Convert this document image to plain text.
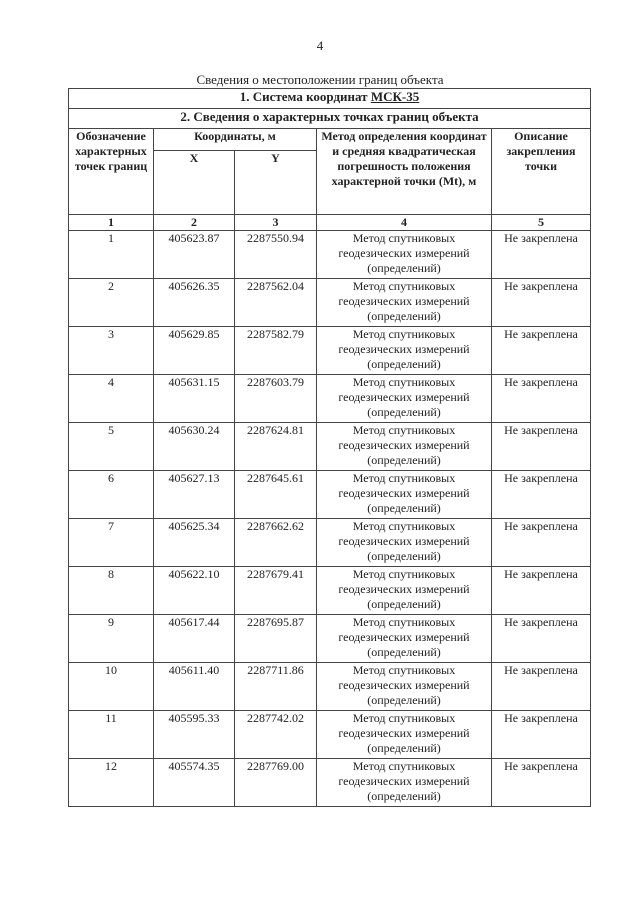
4
Сведения о местоположении границ объекта
1. Система координат МСК-35				
2. Сведения о характерных точках границ объекта				
Обозначение характерных точек границ	Координаты, м		Метод определения координат и средняя квадратическая погрешность положения характерной точки (Мt), м	Описание закрепления точки
	X	Y		
1	2	3	4	5
1	405623.87	2287550.94	Метод спутниковых геодезических измерений (определений)	Не закреплена
2	405626.35	2287562.04	Метод спутниковых геодезических измерений (определений)	Не закреплена
3	405629.85	2287582.79	Метод спутниковых геодезических измерений (определений)	Не закреплена
4	405631.15	2287603.79	Метод спутниковых геодезических измерений (определений)	Не закреплена
5	405630.24	2287624.81	Метод спутниковых геодезических измерений (определений)	Не закреплена
6	405627.13	2287645.61	Метод спутниковых геодезических измерений (определений)	Не закреплена
7	405625.34	2287662.62	Метод спутниковых геодезических измерений (определений)	Не закреплена
8	405622.10	2287679.41	Метод спутниковых геодезических измерений (определений)	Не закреплена
9	405617.44	2287695.87	Метод спутниковых геодезических измерений (определений)	Не закреплена
10	405611.40	2287711.86	Метод спутниковых геодезических измерений (определений)	Не закреплена
11	405595.33	2287742.02	Метод спутниковых геодезических измерений (определений)	Не закреплена
12	405574.35	2287769.00	Метод спутниковых геодезических измерений (определений)	Не закреплена
